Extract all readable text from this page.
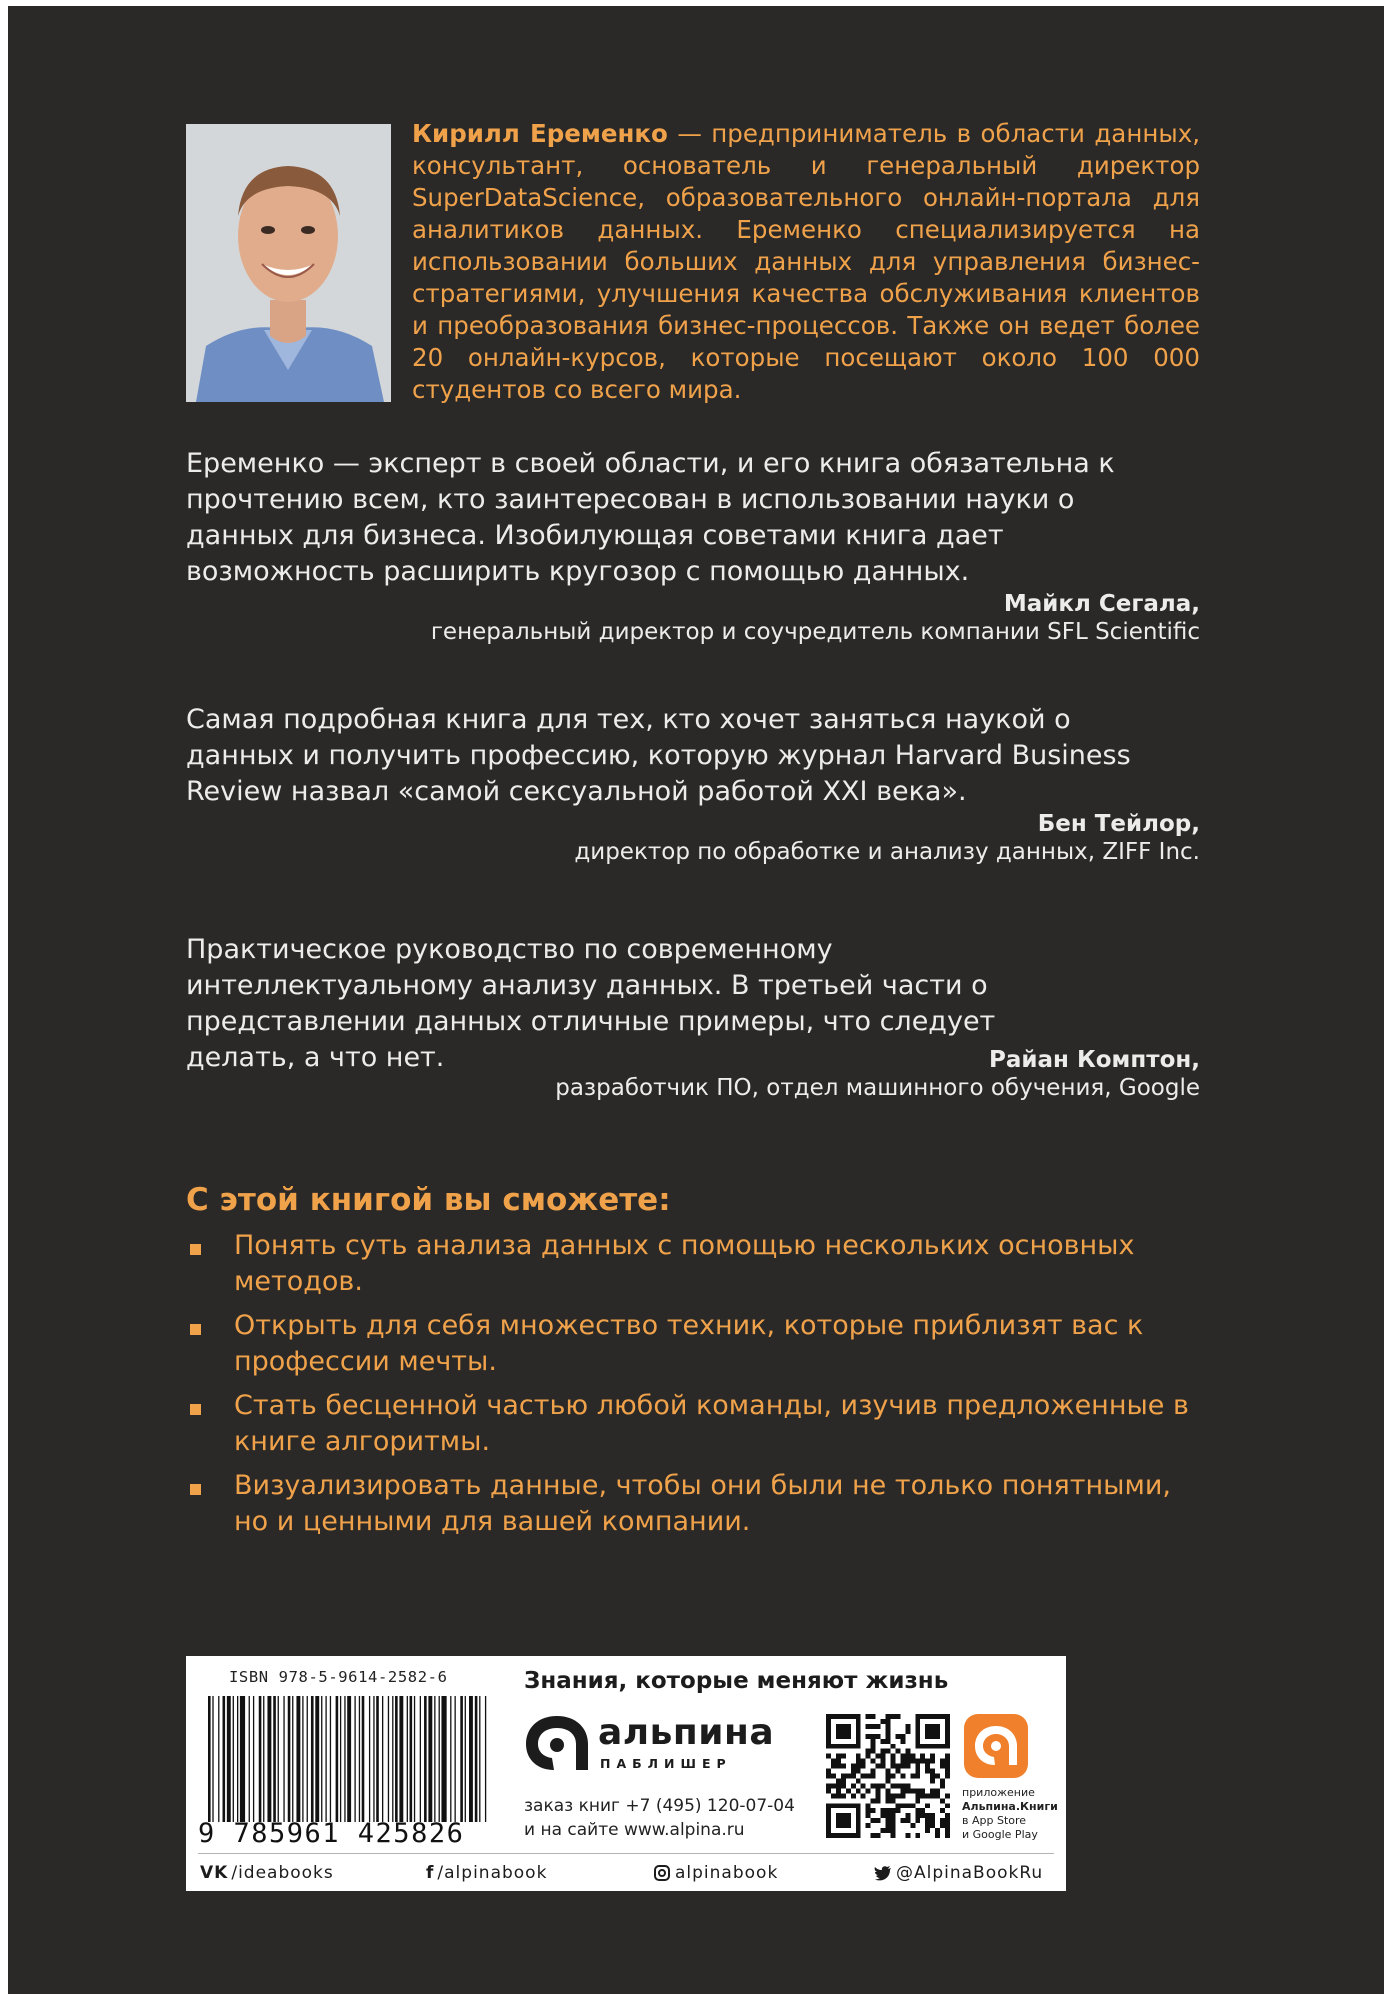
Кирилл Еременко — предприниматель в области данных, консультант, основатель и генеральный директор SuperDataScience, образовательного онлайн-портала для аналитиков данных. Еременко специализируется на использовании больших данных для управления бизнес-стратегиями, улучшения качества обслуживания клиентов и преобразования бизнес-процессов. Также он ведет более 20 онлайн-курсов, которые посещают около 100 000 студентов со всего мира.

Еременко — эксперт в своей области, и его книга обязательна к прочтению всем, кто заинтересован в использовании науки о данных для бизнеса. Изобилующая советами книга дает возможность расширить кругозор с помощью данных.

Майкл Сегала,

генеральный директор и соучредитель компании SFL Scientific

Самая подробная книга для тех, кто хочет заняться наукой о данных и получить профессию, которую журнал Harvard Business Review назвал «самой сексуальной работой XXI века».

Бен Тейлор,

директор по обработке и анализу данных, ZIFF Inc.

Практическое руководство по современному интеллектуальному анализу данных. В третьей части о представлении данных отличные примеры, что следует делать, а что нет.	Райан Комптон,

разработчик ПО, отдел машинного обучения, Google

С этой книгой вы сможете:

Понять суть анализа данных с помощью нескольких основных методов.
Открыть для себя множество техник, которые приблизят вас к профессии мечты.
Стать бесценной частью любой команды, изучив предложенные в книге алгоритмы.
Визуализировать данные, чтобы они были не только понятными, но и ценными для вашей компании.
ISBN 978-5-9614-2582-6
9 785961 425826
Знания, которые меняют жизнь
альпина
ПАБЛИШЕР
заказ книг +7 (495) 120-07-04
и на сайте www.alpina.ru
приложение
Альпина.Книги
в App Store
и Google Play
VK /ideabooks	f /alpinabook	alpinabook	@AlpinaBookRu
